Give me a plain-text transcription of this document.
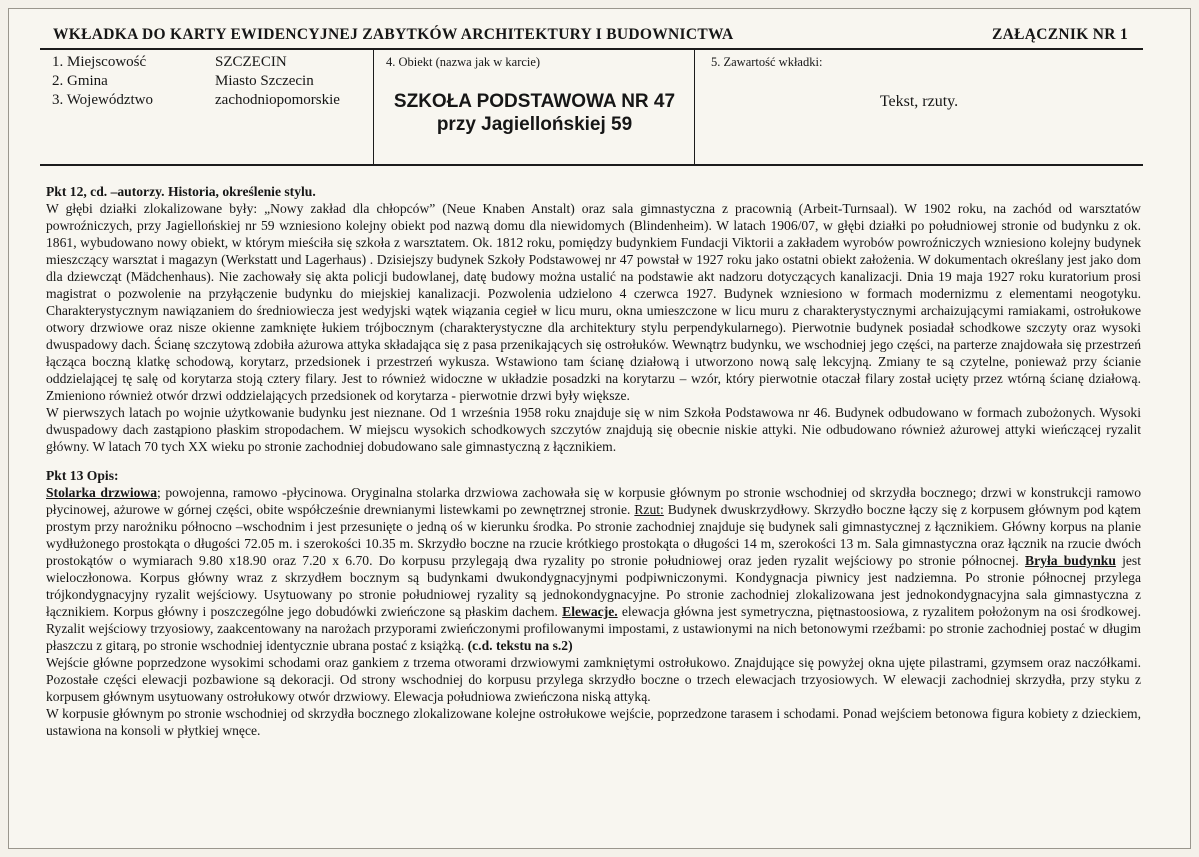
WKŁADKA DO KARTY EWIDENCYJNEJ ZABYTKÓW ARCHITEKTURY I BUDOWNICTWA	ZAŁĄCZNIK NR 1
1. Miejscowość
2. Gmina
3. Województwo
SZCZECIN
Miasto Szczecin
zachodniopomorskie
4. Obiekt (nazwa jak w karcie)
SZKOŁA PODSTAWOWA NR 47
przy Jagiellońskiej 59
5. Zawartość wkładki:
Tekst, rzuty.

Pkt 12, cd. –autorzy. Historia, określenie stylu.

W głębi działki zlokalizowane były: „Nowy zakład dla chłopców” (Neue Knaben Anstalt) oraz sala gimnastyczna z pracownią (Arbeit-Turnsaal). W 1902 roku, na zachód od warsztatów powroźniczych, przy Jagiellońskiej nr 59 wzniesiono kolejny obiekt pod nazwą domu dla niewidomych (Blindenheim). W latach 1906/07, w głębi działki po południowej stronie od budynku z ok. 1861, wybudowano nowy obiekt, w którym mieściła się szkoła z warsztatem. Ok. 1812 roku, pomiędzy budynkiem Fundacji Viktorii a zakładem wyrobów powroźniczych wzniesiono kolejny budynek mieszczący warsztat i magazyn (Werkstatt und Lagerhaus) . Dzisiejszy budynek Szkoły Podstawowej nr 47 powstał w 1927 roku jako ostatni obiekt założenia. W dokumentach określany jest jako dom dla dziewcząt (Mädchenhaus). Nie zachowały się akta policji budowlanej, datę budowy można ustalić na podstawie akt nadzoru dotyczących kanalizacji. Dnia 19 maja 1927 roku kuratorium prosi magistrat o pozwolenie na przyłączenie budynku do miejskiej kanalizacji. Pozwolenia udzielono 4 czerwca 1927. Budynek wzniesiono w formach modernizmu z elementami neogotyku. Charakterystycznym nawiązaniem do średniowiecza jest wedyjski wątek wiązania cegieł w licu muru, okna umieszczone w licu muru z charakterystycznymi archaizującymi ramiakami, ostrołukowe otwory drzwiowe oraz nisze okienne zamknięte łukiem trójbocznym (charakterystyczne dla architektury stylu perpendykularnego). Pierwotnie budynek posiadał schodkowe szczyty oraz wysoki dwuspadowy dach. Ścianę szczytową zdobiła ażurowa attyka składająca się z pasa przenikających się ostrołuków. Wewnątrz budynku, we wschodniej jego części, na parterze znajdowała się przestrzeń łącząca boczną klatkę schodową, korytarz, przedsionek i przestrzeń wykusza. Wstawiono tam ścianę działową i utworzono nową salę lekcyjną. Zmiany te są czytelne, ponieważ przy ścianie oddzielającej tę salę od korytarza stoją cztery filary. Jest to również widoczne w układzie posadzki na korytarzu – wzór, który pierwotnie otaczał filary został ucięty przez wtórną ścianę działową. Zmieniono również otwór drzwi oddzielających przedsionek od korytarza - pierwotnie drzwi były większe.

W pierwszych latach po wojnie użytkowanie budynku jest nieznane. Od 1 września 1958 roku znajduje się w nim Szkoła Podstawowa nr 46. Budynek odbudowano w formach zubożonych. Wysoki dwuspadowy dach zastąpiono płaskim stropodachem. W miejscu wysokich schodkowych szczytów znajdują się obecnie niskie attyki. Nie odbudowano również ażurowej attyki wieńczącej ryzalit główny. W latach 70 tych XX wieku po stronie zachodniej dobudowano sale gimnastyczną z łącznikiem.

Pkt 13 Opis:

Stolarka drzwiowa; powojenna, ramowo -płycinowa. Oryginalna stolarka drzwiowa zachowała się w korpusie głównym po stronie wschodniej od skrzydła bocznego; drzwi w konstrukcji ramowo płycinowej, ażurowe w górnej części, obite współcześnie drewnianymi listewkami po zewnętrznej stronie. Rzut: Budynek dwuskrzydłowy. Skrzydło boczne łączy się z korpusem głównym pod kątem prostym przy narożniku północno –wschodnim i jest przesunięte o jedną oś w kierunku środka. Po stronie zachodniej znajduje się budynek sali gimnastycznej z łącznikiem. Główny korpus na planie wydłużonego prostokąta o długości 72.05 m. i szerokości 10.35 m. Skrzydło boczne na rzucie krótkiego prostokąta o długości 14 m, szerokości 13 m. Sala gimnastyczna oraz łącznik na rzucie dwóch prostokątów o wymiarach 9.80 x18.90 oraz 7.20 x 6.70. Do korpusu przylegają dwa ryzality po stronie południowej oraz jeden ryzalit wejściowy po stronie północnej. Bryła budynku jest wieloczłonowa. Korpus główny wraz z skrzydłem bocznym są budynkami dwukondygnacyjnymi podpiwniczonymi. Kondygnacja piwnicy jest nadziemna. Po stronie północnej przylega trójkondygnacyjny ryzalit wejściowy. Usytuowany po stronie południowej ryzality są jednokondygnacyjne. Po stronie zachodniej zlokalizowana jest jednokondygnacyjna sala gimnastyczna z łącznikiem. Korpus główny i poszczególne jego dobudówki zwieńczone są płaskim dachem. Elewacje. elewacja główna jest symetryczna, piętnastoosiowa, z ryzalitem położonym na osi środkowej. Ryzalit wejściowy trzyosiowy, zaakcentowany na narożach przyporami zwieńczonymi profilowanymi impostami, z ustawionymi na nich betonowymi rzeźbami: po stronie zachodniej postać w długim płaszczu z gitarą, po stronie wschodniej identycznie ubrana postać z książką. (c.d. tekstu na s.2)

Wejście główne poprzedzone wysokimi schodami oraz gankiem z trzema otworami drzwiowymi zamkniętymi ostrołukowo. Znajdujące się powyżej okna ujęte pilastrami, gzymsem oraz naczółkami. Pozostałe części elewacji pozbawione są dekoracji. Od strony wschodniej do korpusu przylega skrzydło boczne o trzech elewacjach trzyosiowych. W elewacji zachodniej skrzydła, przy styku z korpusem głównym usytuowany ostrołukowy otwór drzwiowy. Elewacja południowa zwieńczona niską attyką.

W korpusie głównym po stronie wschodniej od skrzydła bocznego zlokalizowane kolejne ostrołukowe wejście, poprzedzone tarasem i schodami. Ponad wejściem betonowa figura kobiety z dzieckiem, ustawiona na konsoli w płytkiej wnęce.
